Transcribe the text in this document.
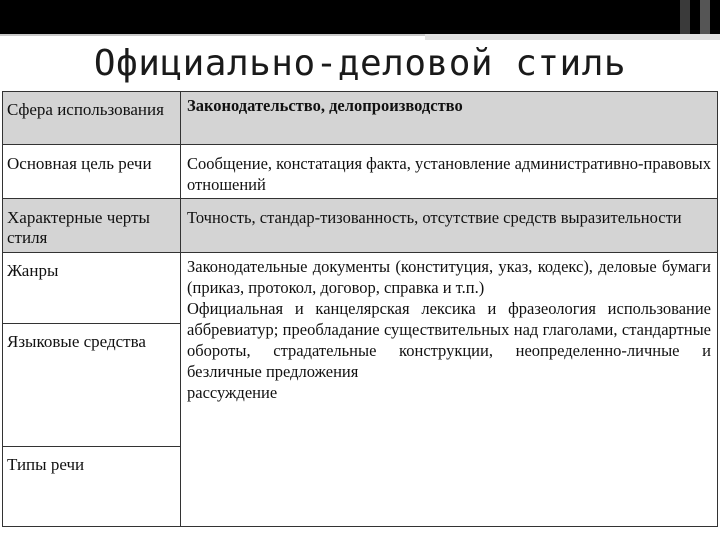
Официально-деловой стиль
Сфера использования	Законодательство, делопроизводство
Основная цель речи	Сообщение, констатация факта, установление административно-правовых отношений
Характерные черты стиля
Точность, стандар-тизованность, отсутствие средств выразительности
Жанры
Языковые средства
Типы речи
Законодательные документы (конституция, указ, кодекс), деловые бумаги (приказ, протокол, договор, справка и т.п.)
Официальная и канцелярская лексика и фразеология использование аббревиатур; преобладание существительных над глаголами, стандартные обороты, страдательные конструкции, неопределенно-личные и безличные предложения
рассуждение
